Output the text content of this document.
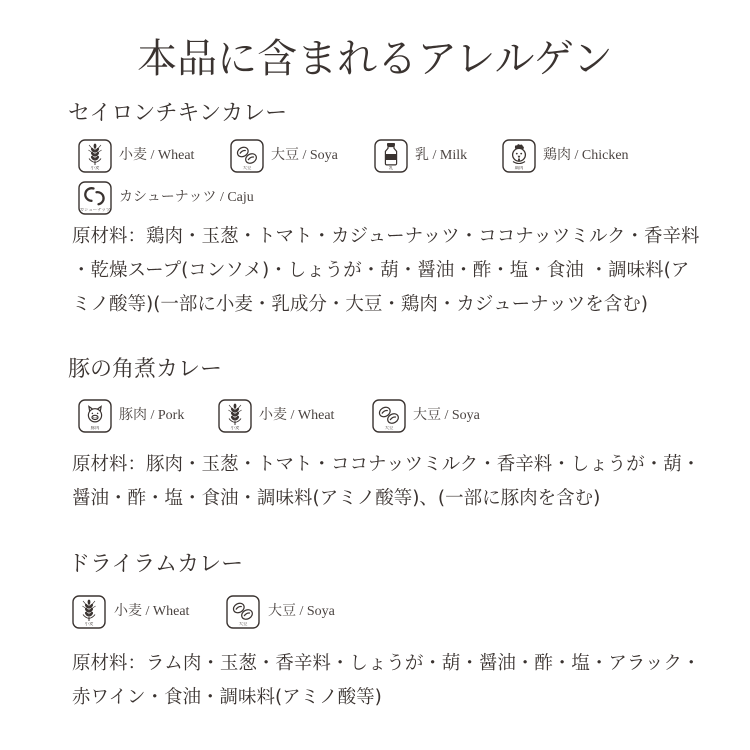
本品に含まれるアレルゲン
セイロンチキンカレー
小麦
小麦 / Wheat
大豆
大豆 / Soya
乳
乳 / Milk
鶏肉
鶏肉 / Chicken
カシューナッツ
カシューナッツ / Caju
原材料：鶏肉・玉葱・トマト・カジューナッツ・ココナッツミルク・香辛料
・乾燥スープ(コンソメ)・しょうが・葫・醤油・酢・塩・食油 ・調味料(ア
ミノ酸等)(一部に小麦・乳成分・大豆・鶏肉・カジューナッツを含む)
豚の角煮カレー
豚肉
豚肉 / Pork
小麦
小麦 / Wheat
大豆
大豆 / Soya
原材料：豚肉・玉葱・トマト・ココナッツミルク・香辛料・しょうが・葫・
醤油・酢・塩・食油・調味料(アミノ酸等)、(一部に豚肉を含む)
ドライラムカレー
小麦
小麦 / Wheat
大豆
大豆 / Soya
原材料：ラム肉・玉葱・香辛料・しょうが・葫・醤油・酢・塩・アラック・
赤ワイン・食油・調味料(アミノ酸等)
